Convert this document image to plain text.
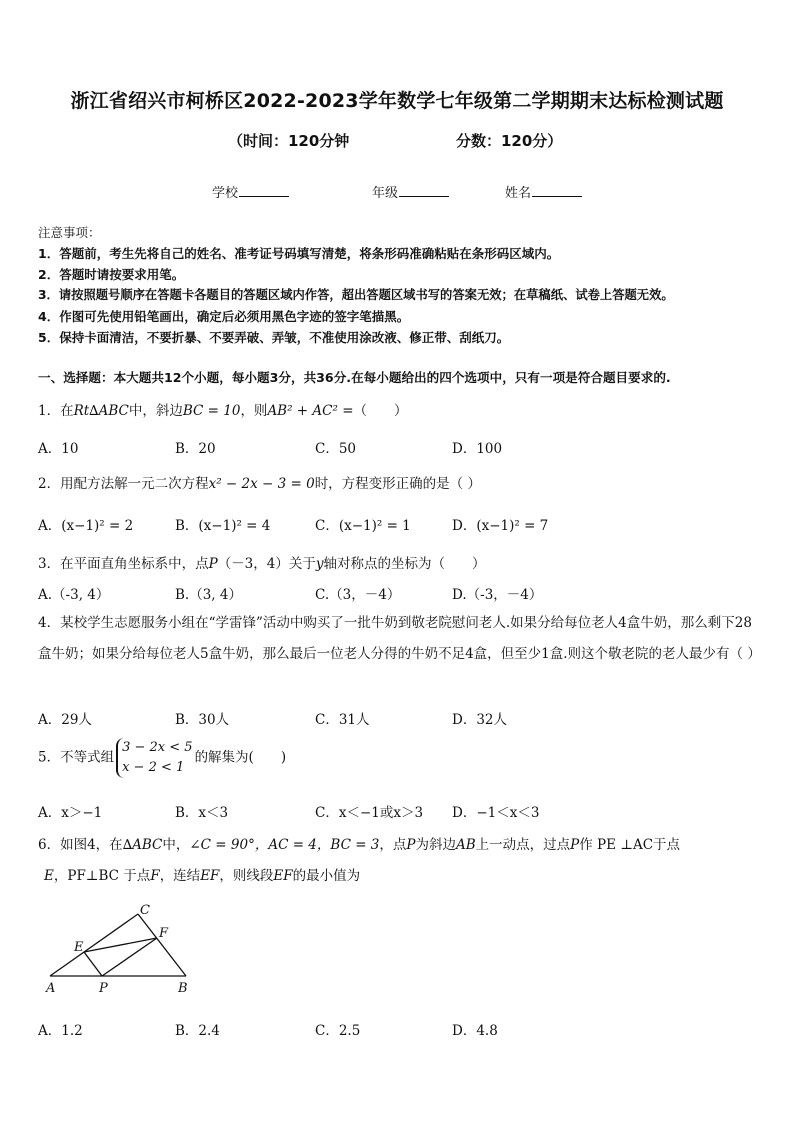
浙江省绍兴市柯桥区2022-2023学年数学七年级第二学期期末达标检测试题
（时间：120分钟	分数：120分）
学校	年级	姓名
注意事项：
1．答题前，考生先将自己的姓名、准考证号码填写清楚，将条形码准确粘贴在条形码区域内。
2．答题时请按要求用笔。
3．请按照题号顺序在答题卡各题目的答题区域内作答，超出答题区域书写的答案无效；在草稿纸、试卷上答题无效。
4．作图可先使用铅笔画出，确定后必须用黑色字迹的签字笔描黑。
5．保持卡面清洁，不要折暴、不要弄破、弄皱，不准使用涂改液、修正带、刮纸刀。
一、选择题：本大题共12个小题，每小题3分，共36分.在每小题给出的四个选项中，只有一项是符合题目要求的.
1．在Rt∆ABC中，斜边BC = 10，则AB² + AC² =（　　）
A．10	B．20	C．50	D．100
2．用配方法解一元二次方程x² − 2x − 3 = 0时，方程变形正确的是（ ）
A．(x−1)² = 2	B．(x−1)² = 4	C．(x−1)² = 1	D．(x−1)² = 7
3．在平面直角坐标系中，点P（－3，4）关于y轴对称点的坐标为（　　）
A.（-3, 4）	B.（3, 4）	C.（3，－4）	D.（-3，－4）
4．某校学生志愿服务小组在“学雷锋”活动中购买了一批牛奶到敬老院慰问老人.如果分给每位老人4盒牛奶，那么剩下28盒牛奶；如果分给每位老人5盒牛奶，那么最后一位老人分得的牛奶不足4盒，但至少1盒.则这个敬老院的老人最少有（ ）
A．29人	B．30人	C．31人	D．32人
5．不等式组
3 − 2x < 5
x − 2 < 1
的解集为(　　)
A．x＞−1	B．x＜3	C．x＜−1或x＞3 D．−1＜x＜3
6．如图4，在∆ABC中，∠C = 90°，AC = 4，BC = 3，点P为斜边AB上一动点，过点P作 PE ⊥AC于点
E，PF⊥BC 于点F，连结EF，则线段EF的最小值为
C
E
F
A	P	B
A．1.2	B．2.4	C．2.5	D．4.8
